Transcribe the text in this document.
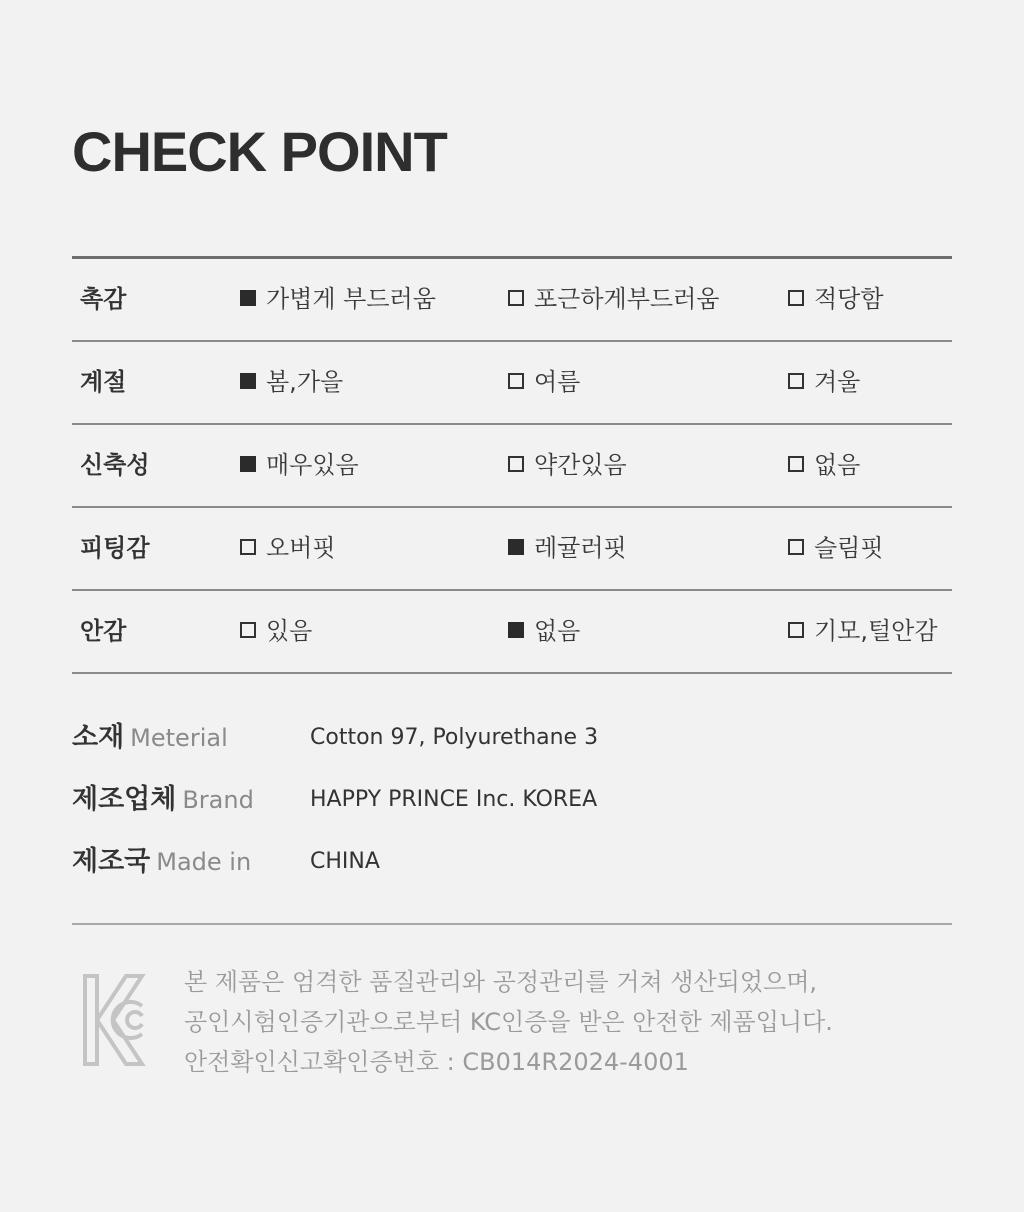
CHECK POINT
촉감	가볍게 부드러움	포근하게부드러움	적당함
계절	봄,가을	여름	겨울
신축성	매우있음	약간있음	없음
피팅감	오버핏	레귤러핏	슬림핏
안감	있음	없음	기모,털안감
소재 Meterial	Cotton 97, Polyurethane 3
제조업체 Brand	HAPPY PRINCE Inc. KOREA
제조국 Made in	CHINA
본 제품은 엄격한 품질관리와 공정관리를 거쳐 생산되었으며,
공인시험인증기관으로부터 KC인증을 받은 안전한 제품입니다.
안전확인신고확인증번호 : CB014R2024-4001
